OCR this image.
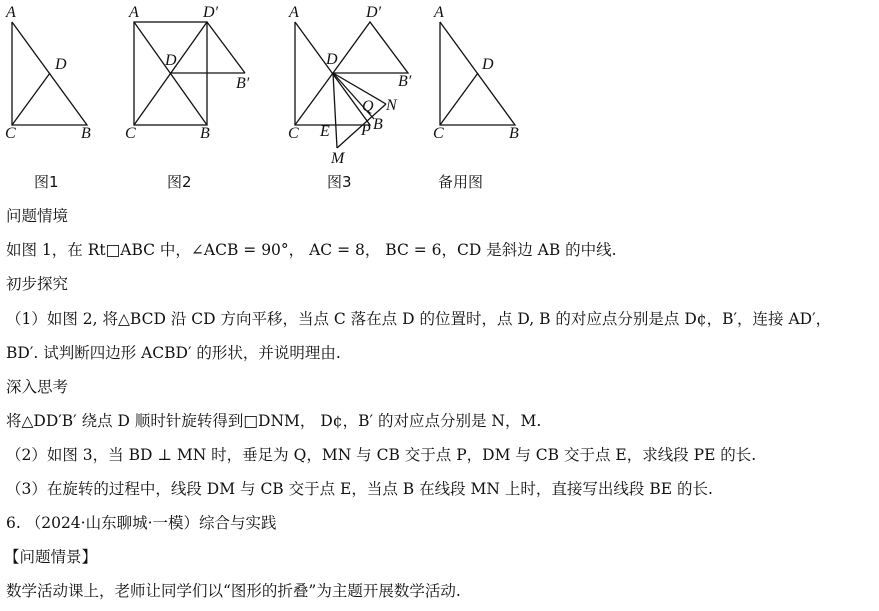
A
D
C	B
A	D′
D
B′
C	B
A	D′
D
B′
Q N
B
P
E
C
M
A
D
C	B
图1	图2	图3	备用图
问题情境
如图 1，在 Rt□ABC 中，∠ACB = 90°， AC = 8， BC = 6，CD 是斜边 AB 的中线.
初步探究
（1）如图 2, 将△BCD 沿 CD 方向平移，当点 C 落在点 D 的位置时，点 D, B 的对应点分别是点 D¢，B′，连接 AD′，
BD′. 试判断四边形 ACBD′ 的形状，并说明理由.
深入思考
将△DD′B′ 绕点 D 顺时针旋转得到□DNM， D¢，B′ 的对应点分别是 N，M.
（2）如图 3，当 BD ⊥ MN 时，垂足为 Q，MN 与 CB 交于点 P，DM 与 CB 交于点 E，求线段 PE 的长.
（3）在旋转的过程中，线段 DM 与 CB 交于点 E，当点 B 在线段 MN 上时，直接写出线段 BE 的长.
6. （2024·山东聊城·一模）综合与实践
【问题情景】
数学活动课上，老师让同学们以“图形的折叠”为主题开展数学活动.
